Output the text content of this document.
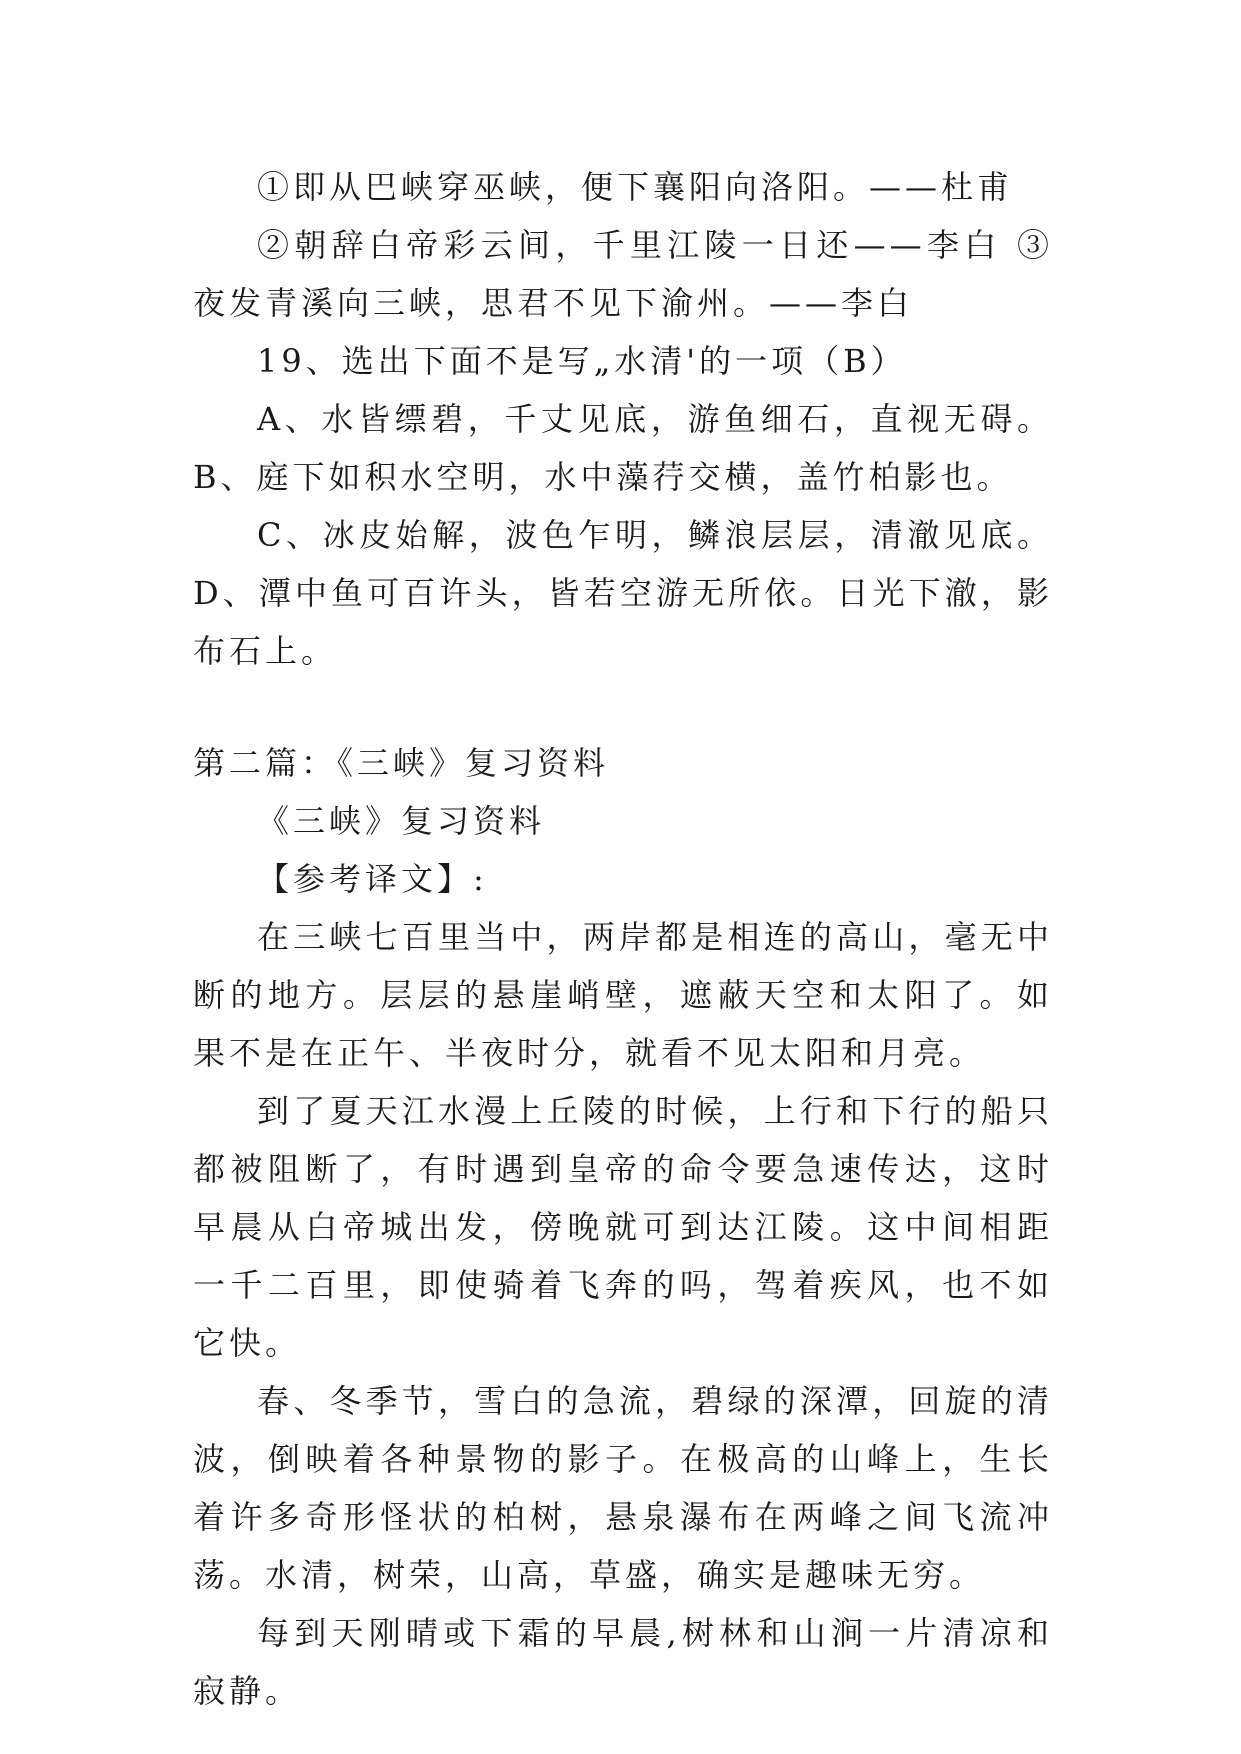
①即从巴峡穿巫峡，便下襄阳向洛阳。——杜甫

②朝辞白帝彩云间，千里江陵一日还——李白 ③ 夜发青溪向三峡，思君不见下渝州。——李白

19、选出下面不是写„水清'的一项（B）

A、水皆缥碧，千丈见底，游鱼细石，直视无碍。B、庭下如积水空明，水中藻荇交横，盖竹柏影也。

C、冰皮始解，波色乍明，鳞浪层层，清澈见底。D、潭中鱼可百许头，皆若空游无所依。日光下澈，影布石上。

第二篇：《三峡》复习资料

《三峡》复习资料

【参考译文】:

在三峡七百里当中，两岸都是相连的高山，毫无中断的地方。层层的悬崖峭壁，遮蔽天空和太阳了。如果不是在正午、半夜时分，就看不见太阳和月亮。

到了夏天江水漫上丘陵的时候，上行和下行的船只都被阻断了，有时遇到皇帝的命令要急速传达，这时早晨从白帝城出发，傍晚就可到达江陵。这中间相距一千二百里，即使骑着飞奔的吗，驾着疾风，也不如它快。

春、冬季节，雪白的急流，碧绿的深潭，回旋的清波，倒映着各种景物的影子。在极高的山峰上，生长着许多奇形怪状的柏树，悬泉瀑布在两峰之间飞流冲荡。水清，树荣，山高，草盛，确实是趣味无穷。

每到天刚晴或下霜的早晨,树林和山涧一片清凉和寂静。
